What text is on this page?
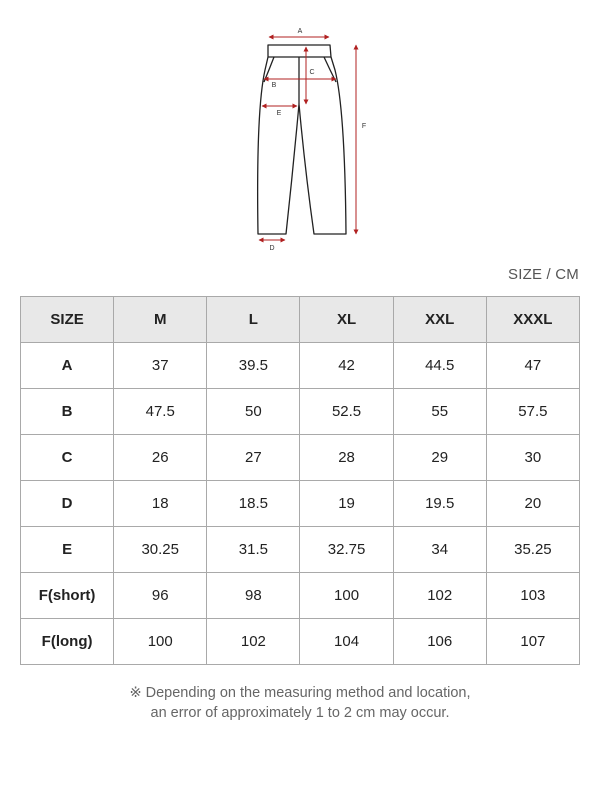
A
B
C
E
D
F
SIZE / CM
SIZE	M	L	XL	XXL	XXXL
A	37	39.5	42	44.5	47
B	47.5	50	52.5	55	57.5
C	26	27	28	29	30
D	18	18.5	19	19.5	20
E	30.25	31.5	32.75	34	35.25
F(short)	96	98	100	102	103
F(long)	100	102	104	106	107
※ Depending on the measuring method and location,
an error of approximately 1 to 2 cm may occur.
